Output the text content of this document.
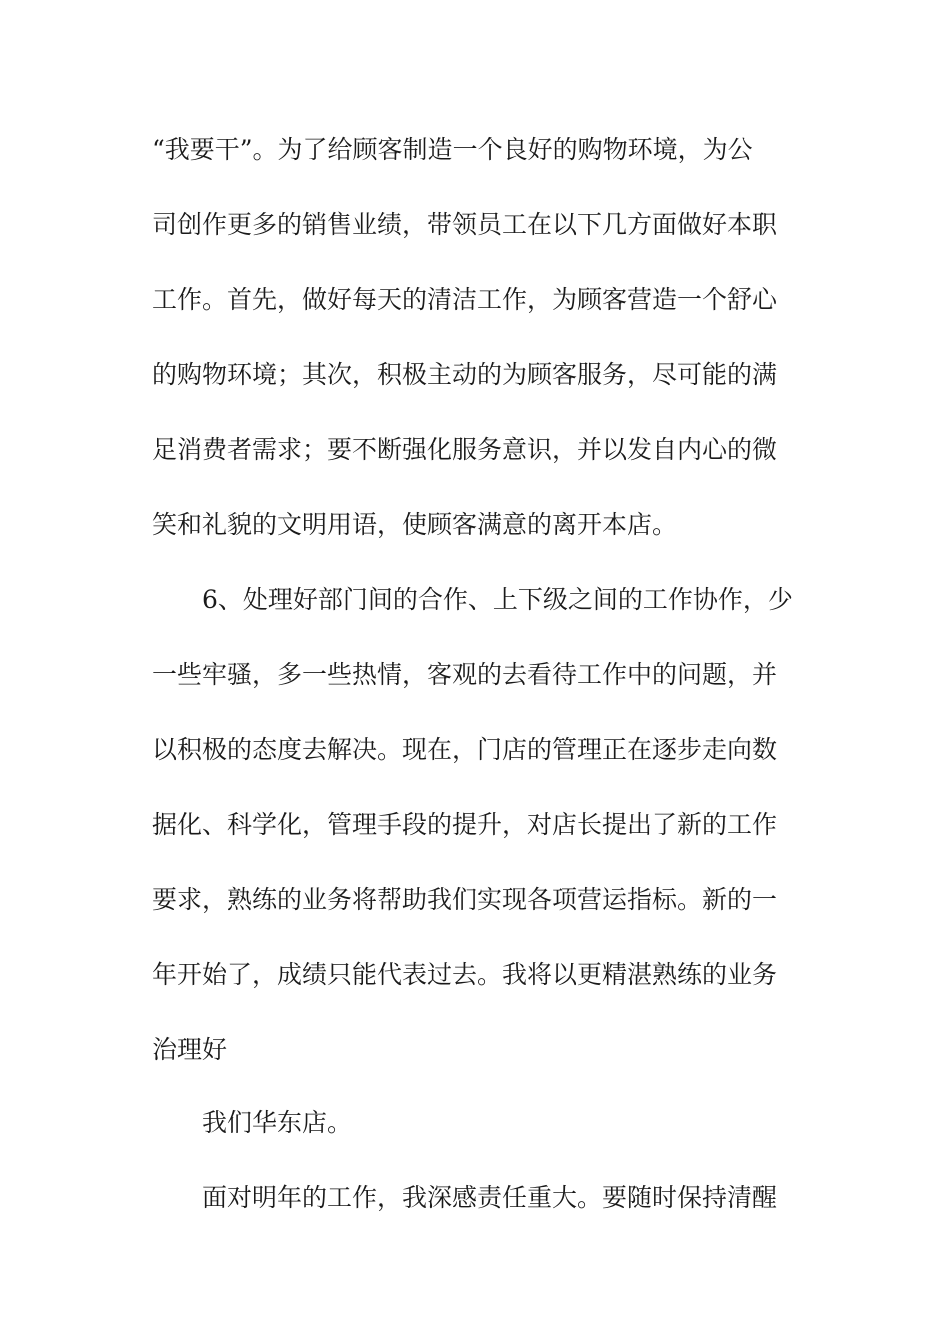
“我要干”。为了给顾客制造一个良好的购物环境，为公
司创作更多的销售业绩，带领员工在以下几方面做好本职
工作。首先，做好每天的清洁工作，为顾客营造一个舒心
的购物环境；其次，积极主动的为顾客服务，尽可能的满
足消费者需求；要不断强化服务意识，并以发自内心的微
笑和礼貌的文明用语，使顾客满意的离开本店。
6、处理好部门间的合作、上下级之间的工作协作，少
一些牢骚，多一些热情，客观的去看待工作中的问题，并
以积极的态度去解决。现在，门店的管理正在逐步走向数
据化、科学化，管理手段的提升，对店长提出了新的工作
要求，熟练的业务将帮助我们实现各项营运指标。新的一
年开始了，成绩只能代表过去。我将以更精湛熟练的业务
治理好
我们华东店。
面对明年的工作，我深感责任重大。要随时保持清醒
